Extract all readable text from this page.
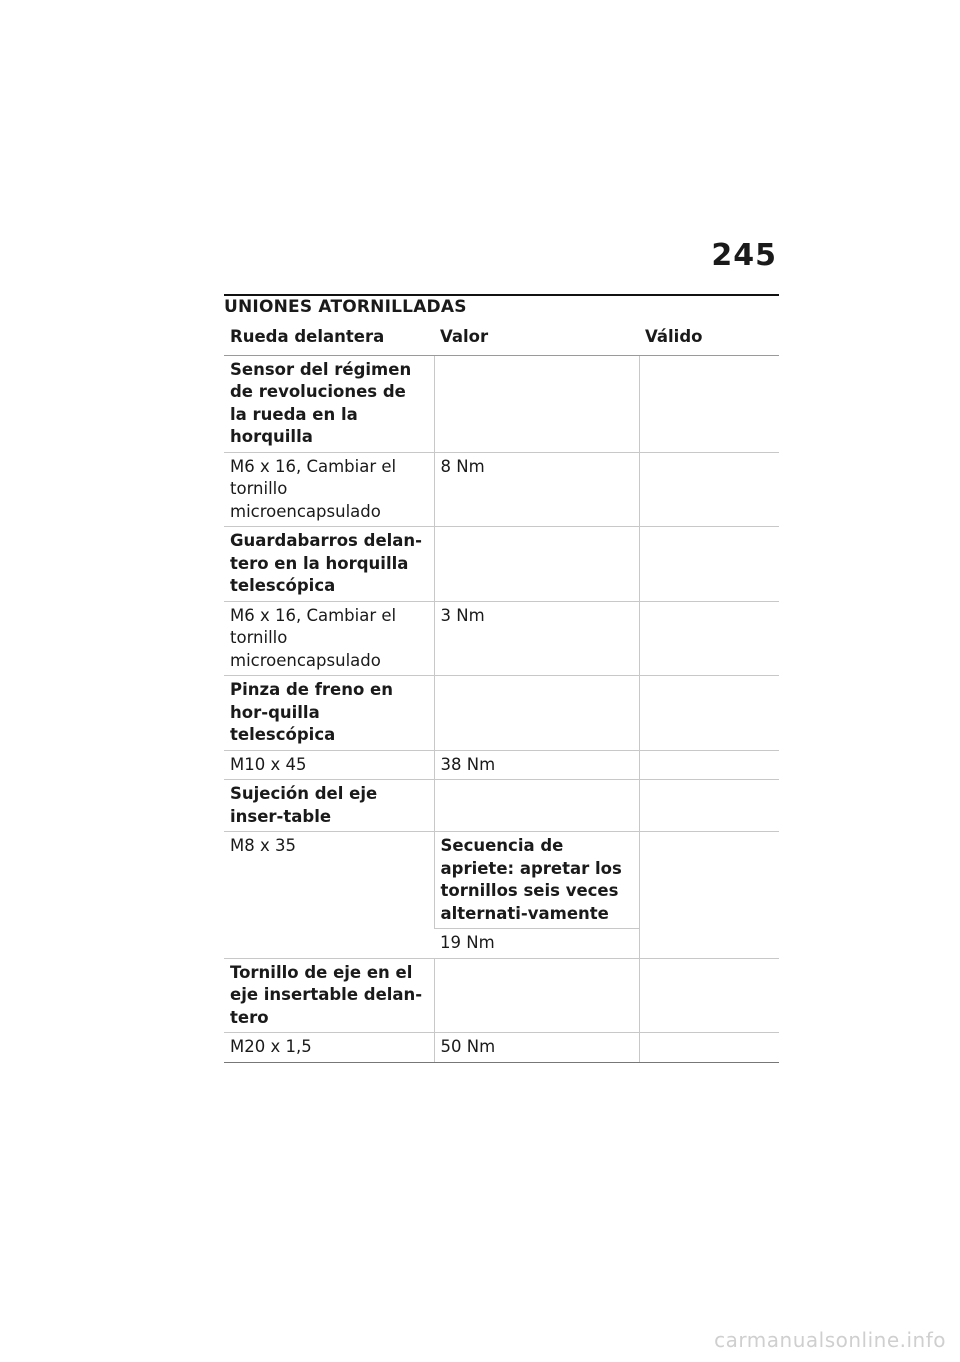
245
UNIONES ATORNILLADAS
Rueda delantera	Valor	Válido
Sensor del régimen de revoluciones de la rueda en la horquilla		
M6 x 16, Cambiar el tornillo microencapsulado	8 Nm	
Guardabarros delan-tero en la horquilla telescópica		
M6 x 16, Cambiar el tornillo microencapsulado	3 Nm	
Pinza de freno en hor-quilla telescópica		
M10 x 45	38 Nm	
Sujeción del eje inser-table		
M8 x 35	Secuencia de apriete: apretar los tornillos seis veces alternati-vamente	
	19 Nm	
Tornillo de eje en el eje insertable delan-tero		
M20 x 1,5	50 Nm	
carmanualsonline.info
